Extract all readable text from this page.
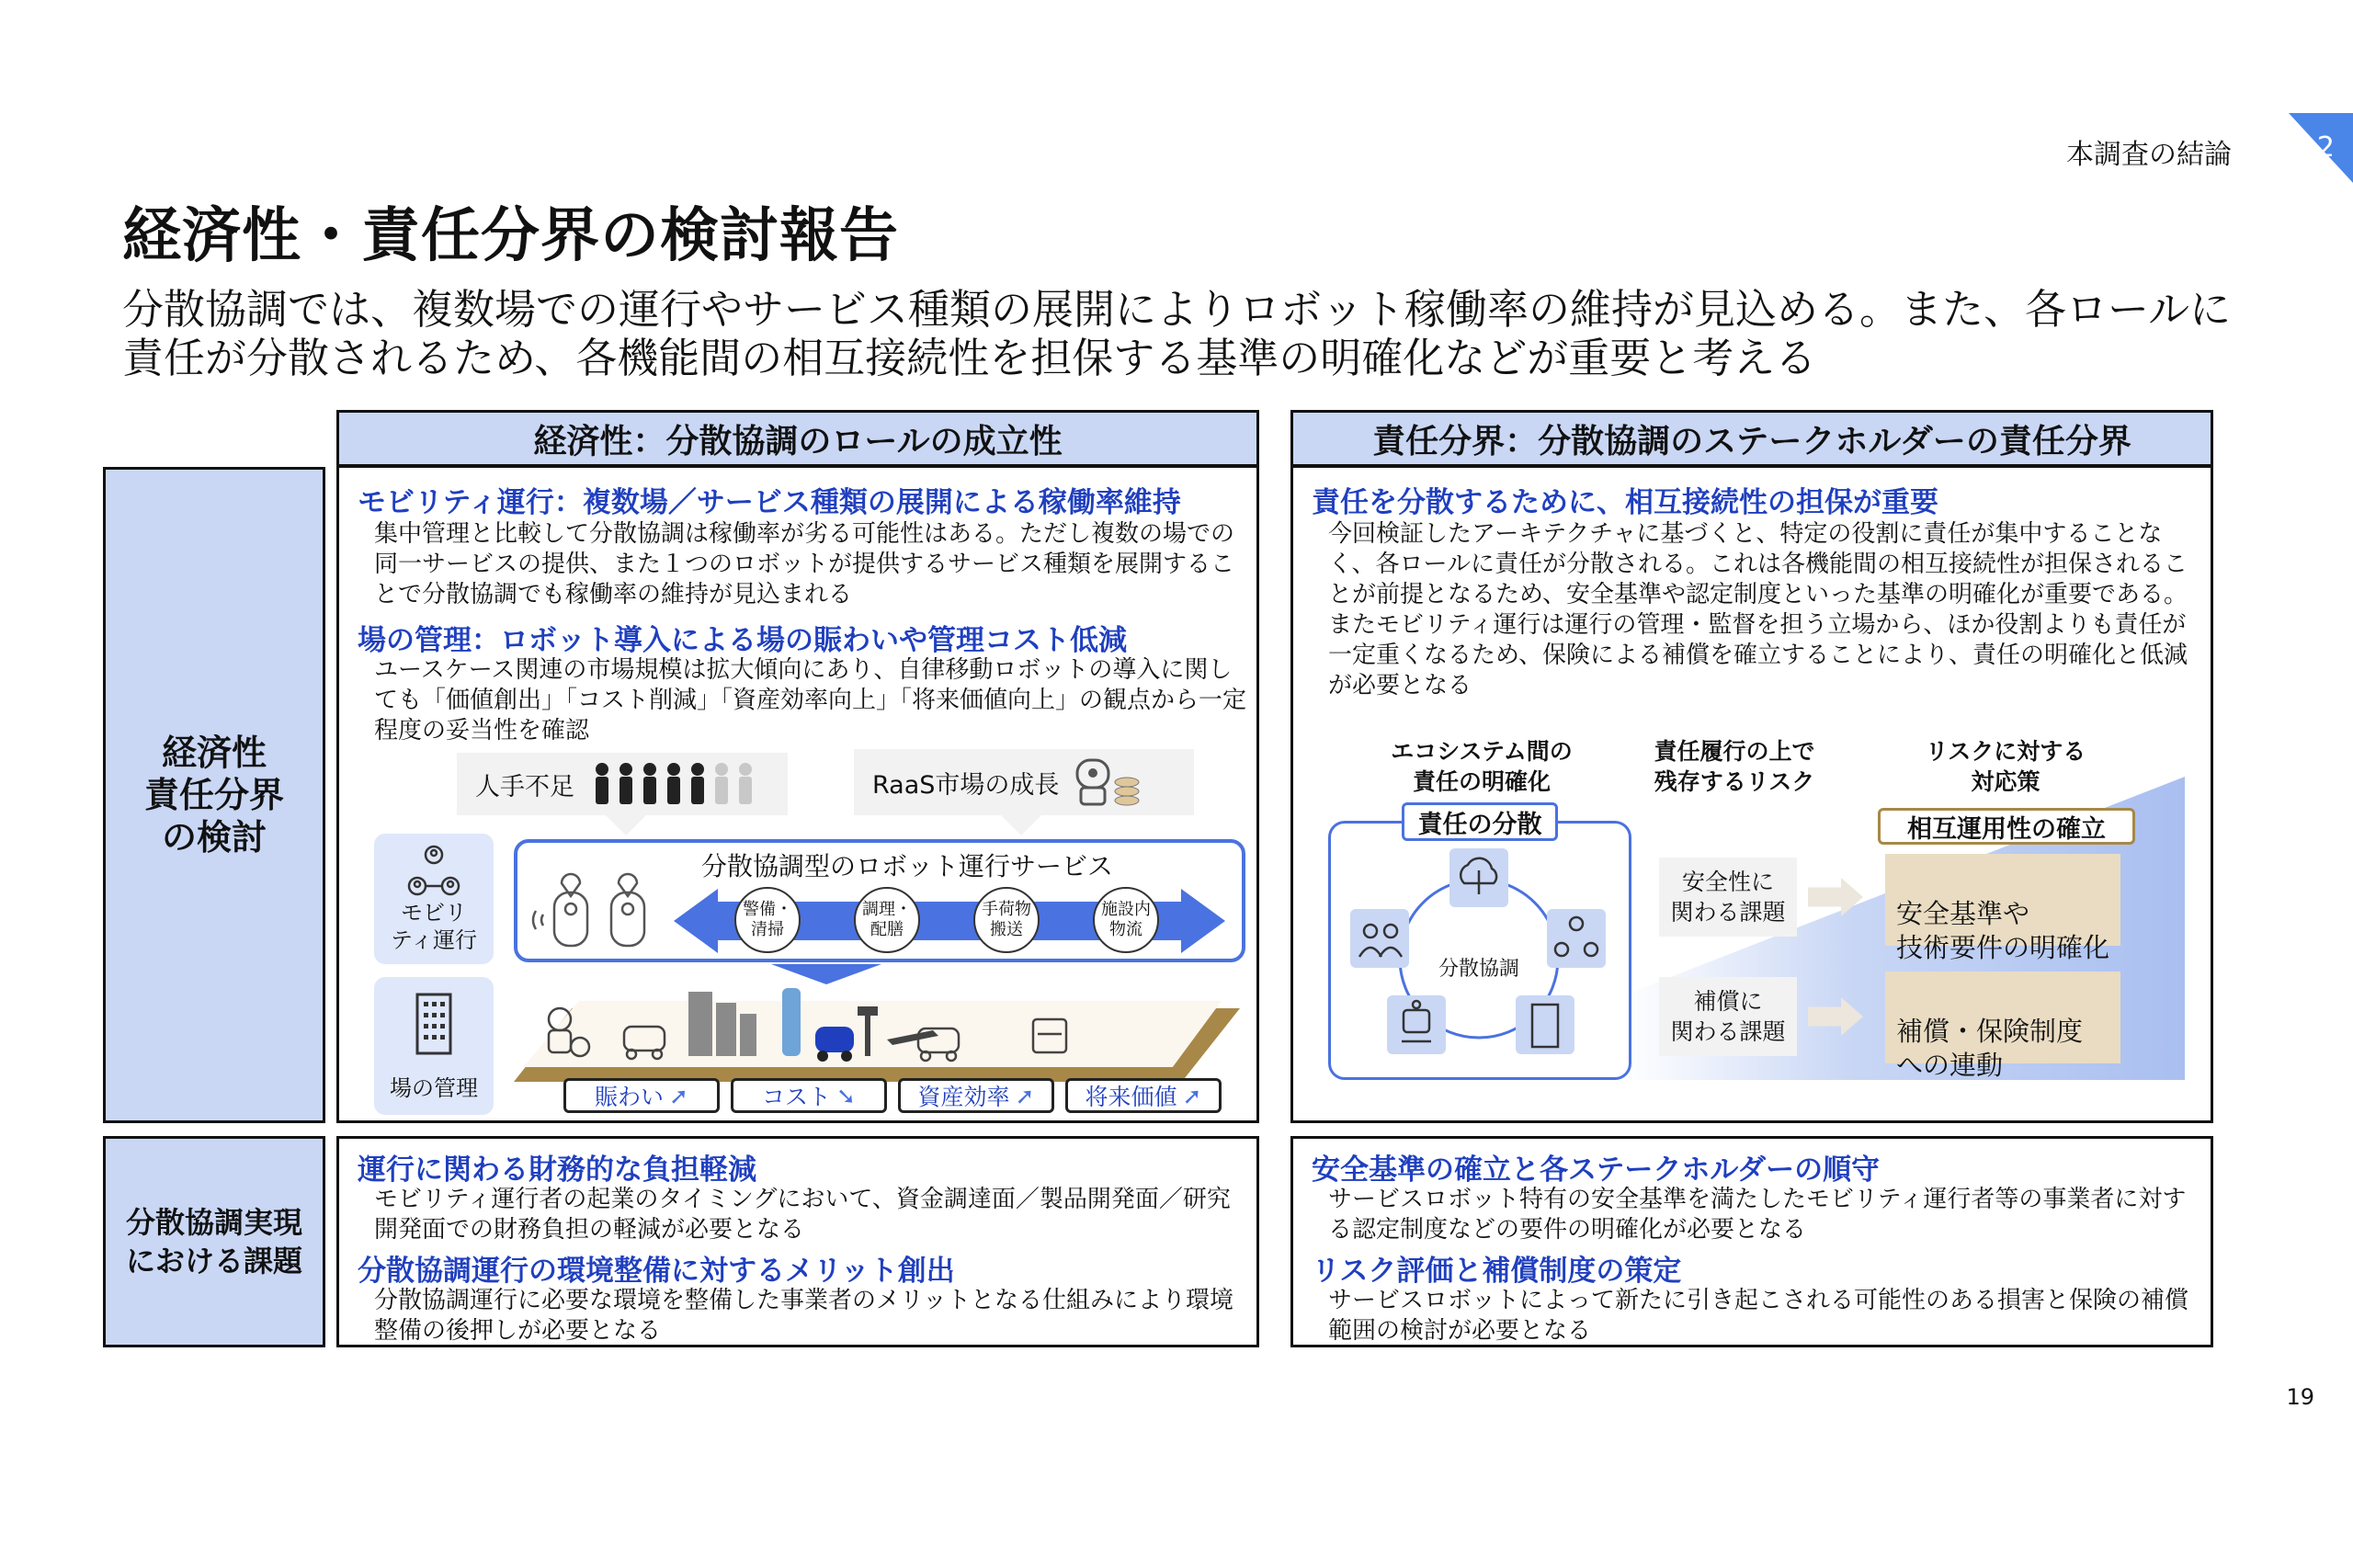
本調査の結論	2
経済性・責任分界の検討報告
分散協調では、複数場での運行やサービス種類の展開によりロボット稼働率の維持が見込める。また、各ロールに責任が分散されるため、各機能間の相互接続性を担保する基準の明確化などが重要と考える
経済性
責任分界
の検討
分散協調実現
における課題
経済性：分散協調のロールの成立性
モビリティ運行：複数場／サービス種類の展開による稼働率維持
集中管理と比較して分散協調は稼働率が劣る可能性はある。ただし複数の場での同一サービスの提供、また１つのロボットが提供するサービス種類を展開することで分散協調でも稼働率の維持が見込まれる
場の管理：ロボット導入による場の賑わいや管理コスト低減
ユースケース関連の市場規模は拡大傾向にあり、自律移動ロボットの導入に関しても「価値創出」「コスト削減」「資産効率向上」「将来価値向上」の観点から一定程度の妥当性を確認
人手不足	RaaS市場の成長
モビリ
ティ運行
場の管理
分散協調型のロボット運行サービス
警備・
清掃
調理・
配膳
手荷物
搬送
施設内
物流
賑わい ➚	コスト ➘	資産効率 ➚ 将来価値 ➚
責任分界：分散協調のステークホルダーの責任分界
責任を分散するために、相互接続性の担保が重要
今回検証したアーキテクチャに基づくと、特定の役割に責任が集中することなく、各ロールに責任が分散される。これは各機能間の相互接続性が担保されることが前提となるため、安全基準や認定制度といった基準の明確化が重要である。またモビリティ運行は運行の管理・監督を担う立場から、ほか役割よりも責任が一定重くなるため、保険による補償を確立することにより、責任の明確化と低減が必要となる
エコシステム間の
責任の明確化
責任履行の上で
残存するリスク
リスクに対する
対応策
責任の分散
分散協調
相互運用性の確立
安全性に
関わる課題
補償に
関わる課題

安全基準や
技術要件の明確化

補償・保険制度
への連動

運行に関わる財務的な負担軽減
モビリティ運行者の起業のタイミングにおいて、資金調達面／製品開発面／研究開発面での財務負担の軽減が必要となる
分散協調運行の環境整備に対するメリット創出
分散協調運行に必要な環境を整備した事業者のメリットとなる仕組みにより環境整備の後押しが必要となる
安全基準の確立と各ステークホルダーの順守
サービスロボット特有の安全基準を満たしたモビリティ運行者等の事業者に対する認定制度などの要件の明確化が必要となる
リスク評価と補償制度の策定
サービスロボットによって新たに引き起こされる可能性のある損害と保険の補償範囲の検討が必要となる
19
